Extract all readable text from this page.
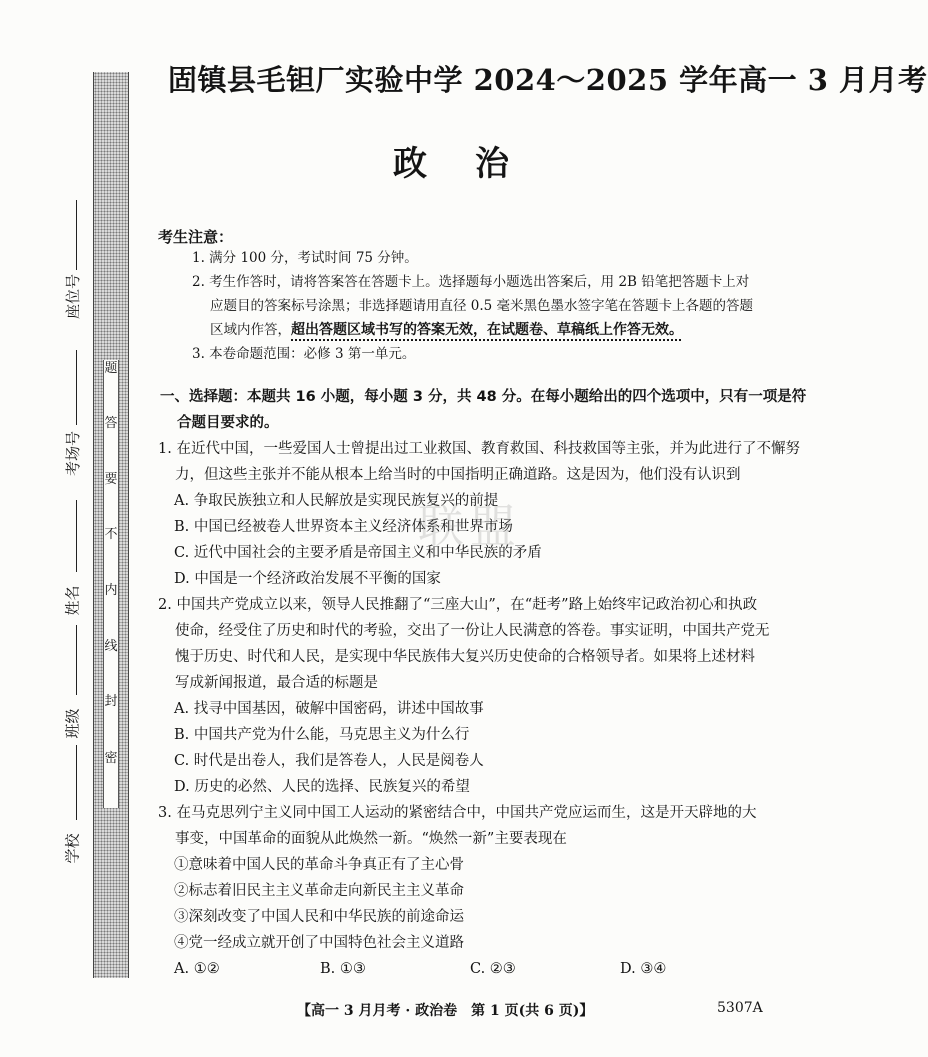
题
答
要
不
内
线
封
密
座位号
考场号
姓名
班级
学校
固镇县毛钽厂实验中学 2024～2025 学年高一 3 月月考
政治
考生注意：
1. 满分 100 分，考试时间 75 分钟。
2. 考生作答时，请将答案答在答题卡上。选择题每小题选出答案后，用 2B 铅笔把答题卡上对
应题目的答案标号涂黑；非选择题请用直径 0.5 毫米黑色墨水签字笔在答题卡上各题的答题
区域内作答，超出答题区域书写的答案无效，在试题卷、草稿纸上作答无效。
3. 本卷命题范围：必修 3 第一单元。
一、选择题：本题共 16 小题，每小题 3 分，共 48 分。在每小题给出的四个选项中，只有一项是符
合题目要求的。
1. 在近代中国，一些爱国人士曾提出过工业救国、教育救国、科技救国等主张，并为此进行了不懈努
力，但这些主张并不能从根本上给当时的中国指明正确道路。这是因为，他们没有认识到
A. 争取民族独立和人民解放是实现民族复兴的前提
B. 中国已经被卷人世界资本主义经济体系和世界市场
C. 近代中国社会的主要矛盾是帝国主义和中华民族的矛盾
D. 中国是一个经济政治发展不平衡的国家
联盟
2. 中国共产党成立以来，领导人民推翻了“三座大山”，在“赶考”路上始终牢记政治初心和执政
使命，经受住了历史和时代的考验，交出了一份让人民满意的答卷。事实证明，中国共产党无
愧于历史、时代和人民，是实现中华民族伟大复兴历史使命的合格领导者。如果将上述材料
写成新闻报道，最合适的标题是
A. 找寻中国基因，破解中国密码，讲述中国故事
B. 中国共产党为什么能，马克思主义为什么行
C. 时代是出卷人，我们是答卷人，人民是阅卷人
D. 历史的必然、人民的选择、民族复兴的希望
3. 在马克思列宁主义同中国工人运动的紧密结合中，中国共产党应运而生，这是开天辟地的大
事变，中国革命的面貌从此焕然一新。“焕然一新”主要表现在
①意味着中国人民的革命斗争真正有了主心骨
②标志着旧民主主义革命走向新民主主义革命
③深刻改变了中国人民和中华民族的前途命运
④党一经成立就开创了中国特色社会主义道路
A. ①②	B. ①③	C. ②③	D. ③④
【高一 3 月月考 · 政治卷　第 1 页(共 6 页)】	5307A
